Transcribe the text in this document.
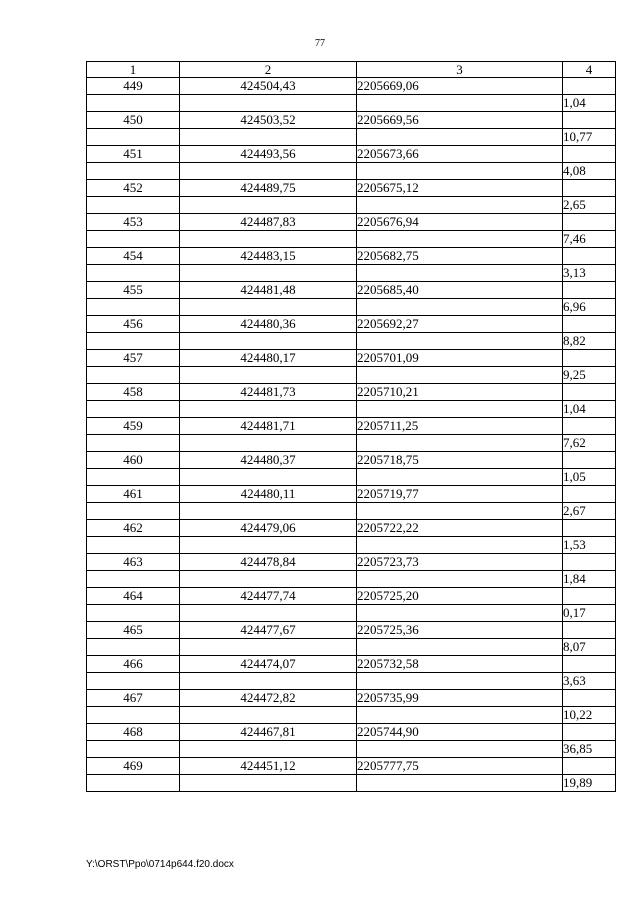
77
1	2	3	4
449	424504,43	2205669,06	
			1,04
450	424503,52	2205669,56	
			10,77
451	424493,56	2205673,66	
			4,08
452	424489,75	2205675,12	
			2,65
453	424487,83	2205676,94	
			7,46
454	424483,15	2205682,75	
			3,13
455	424481,48	2205685,40	
			6,96
456	424480,36	2205692,27	
			8,82
457	424480,17	2205701,09	
			9,25
458	424481,73	2205710,21	
			1,04
459	424481,71	2205711,25	
			7,62
460	424480,37	2205718,75	
			1,05
461	424480,11	2205719,77	
			2,67
462	424479,06	2205722,22	
			1,53
463	424478,84	2205723,73	
			1,84
464	424477,74	2205725,20	
			0,17
465	424477,67	2205725,36	
			8,07
466	424474,07	2205732,58	
			3,63
467	424472,82	2205735,99	
			10,22
468	424467,81	2205744,90	
			36,85
469	424451,12	2205777,75	
			19,89
Y:\ORST\Ppo\0714p644.f20.docx
